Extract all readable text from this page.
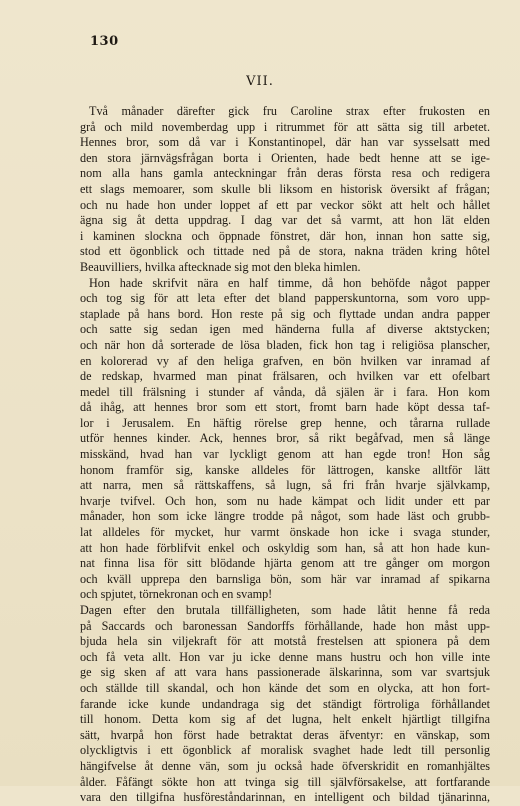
130
VII.
Två månader därefter gick fru Caroline strax efter frukosten en
grå och mild novemberdag upp i ritrummet för att sätta sig till arbetet.
Hennes bror, som då var i Konstantinopel, där han var sysselsatt med
den stora järnvägsfrågan borta i Orienten, hade bedt henne att se ige-
nom alla hans gamla anteckningar från deras första resa och redigera
ett slags memoarer, som skulle bli liksom en historisk översikt af frågan;
och nu hade hon under loppet af ett par veckor sökt att helt och hållet
ägna sig åt detta uppdrag. I dag var det så varmt, att hon lät elden
i kaminen slockna och öppnade fönstret, där hon, innan hon satte sig,
stod ett ögonblick och tittade ned på de stora, nakna träden kring hôtel
Beauvilliers, hvilka aftecknade sig mot den bleka himlen.
Hon hade skrifvit nära en half timme, då hon behöfde något papper
och tog sig för att leta efter det bland papperskuntorna, som voro upp-
staplade på hans bord. Hon reste på sig och flyttade undan andra papper
och satte sig sedan igen med händerna fulla af diverse aktstycken;
och när hon då sorterade de lösa bladen, fick hon tag i religiösa planscher,
en kolorerad vy af den heliga grafven, en bön hvilken var inramad af
de redskap, hvarmed man pinat frälsaren, och hvilken var ett ofelbart
medel till frälsning i stunder af vånda, då själen är i fara. Hon kom
då ihåg, att hennes bror som ett stort, fromt barn hade köpt dessa taf-
lor i Jerusalem. En häftig rörelse grep henne, och tårarna rullade
utför hennes kinder. Ack, hennes bror, så rikt begåfvad, men så länge
misskänd, hvad han var lyckligt genom att han egde tron! Hon såg
honom framför sig, kanske alldeles för lättrogen, kanske alltför lätt
att narra, men så rättskaffens, så lugn, så fri från hvarje självkamp,
hvarje tvifvel. Och hon, som nu hade kämpat och lidit under ett par
månader, hon som icke längre trodde på något, som hade läst och grubb-
lat alldeles för mycket, hur varmt önskade hon icke i svaga stunder,
att hon hade förblifvit enkel och oskyldig som han, så att hon hade kun-
nat finna lisa för sitt blödande hjärta genom att tre gånger om morgon
och kväll upprepa den barnsliga bön, som här var inramad af spikarna
och spjutet, törnekronan och en svamp!
Dagen efter den brutala tillfälligheten, som hade låtit henne få reda
på Saccards och baronessan Sandorffs förhållande, hade hon måst upp-
bjuda hela sin viljekraft för att motstå frestelsen att spionera på dem
och få veta allt. Hon var ju icke denne mans hustru och hon ville inte
ge sig sken af att vara hans passionerade älskarinna, som var svartsjuk
och ställde till skandal, och hon kände det som en olycka, att hon fort-
farande icke kunde undandraga sig det ständigt förtroliga förhållandet
till honom. Detta kom sig af det lugna, helt enkelt hjärtligt tillgifna
sätt, hvarpå hon först hade betraktat deras äfventyr: en vänskap, som
olyckligtvis i ett ögonblick af moralisk svaghet hade ledt till personlig
hängifvelse åt denne vän, som ju också hade öfverskridit en romanhjältes
ålder. Fåfängt sökte hon att tvinga sig till självförsakelse, att fortfarande
vara den tillgifna husföreståndarinnan, en intelligent och bildad tjänarinna,
